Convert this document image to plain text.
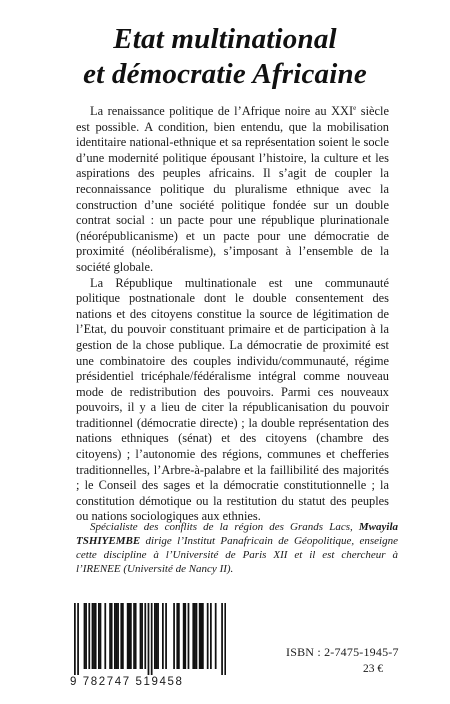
Etat multinational
et démocratie Africaine

La renaissance politique de l’Afrique noire au XXIe siècle est possible. A condition, bien entendu, que la mobilisation identitaire national-ethnique et sa représentation soient le socle d’une modernité politique épousant l’histoire, la culture et les aspirations des peuples africains. Il s’agit de coupler la reconnaissance politique du pluralisme ethnique avec la construction d’une société politique fondée sur un double contrat social : un pacte pour une république plurinationale (néorépublicanisme) et un pacte pour une démocratie de proximité (néolibéralisme), s’imposant à l’ensemble de la société globale.

La République multinationale est une communauté politique postnationale dont le double consentement des nations et des citoyens constitue la source de légitimation de l’Etat, du pouvoir constituant primaire et de participation à la gestion de la chose publique. La démocratie de proximité est une combinatoire des couples individu/communauté, régime présidentiel tricéphale/fédéralisme intégral comme nouveau mode de redistribution des pouvoirs. Parmi ces nouveaux pouvoirs, il y a lieu de citer la républicanisation du pouvoir traditionnel (démocratie directe) ; la double représentation des nations ethniques (sénat) et des citoyens (chambre des citoyens) ; l’autonomie des régions, communes et chefferies traditionnelles, l’Arbre-à-palabre et la faillibilité des majorités ; le Conseil des sages et la démocratie constitutionnelle ; la constitution démotique ou la restitution du statut des peuples ou nations sociologiques aux ethnies.

Spécialiste des conflits de la région des Grands Lacs, Mwayila TSHIYEMBE dirige l’Institut Panafricain de Géopolitique, enseigne cette discipline à l’Université de Paris XII et il est chercheur à l’IRENEE (Université de Nancy II).
9 782747 519458
ISBN : 2-7475-1945-7
23 €
